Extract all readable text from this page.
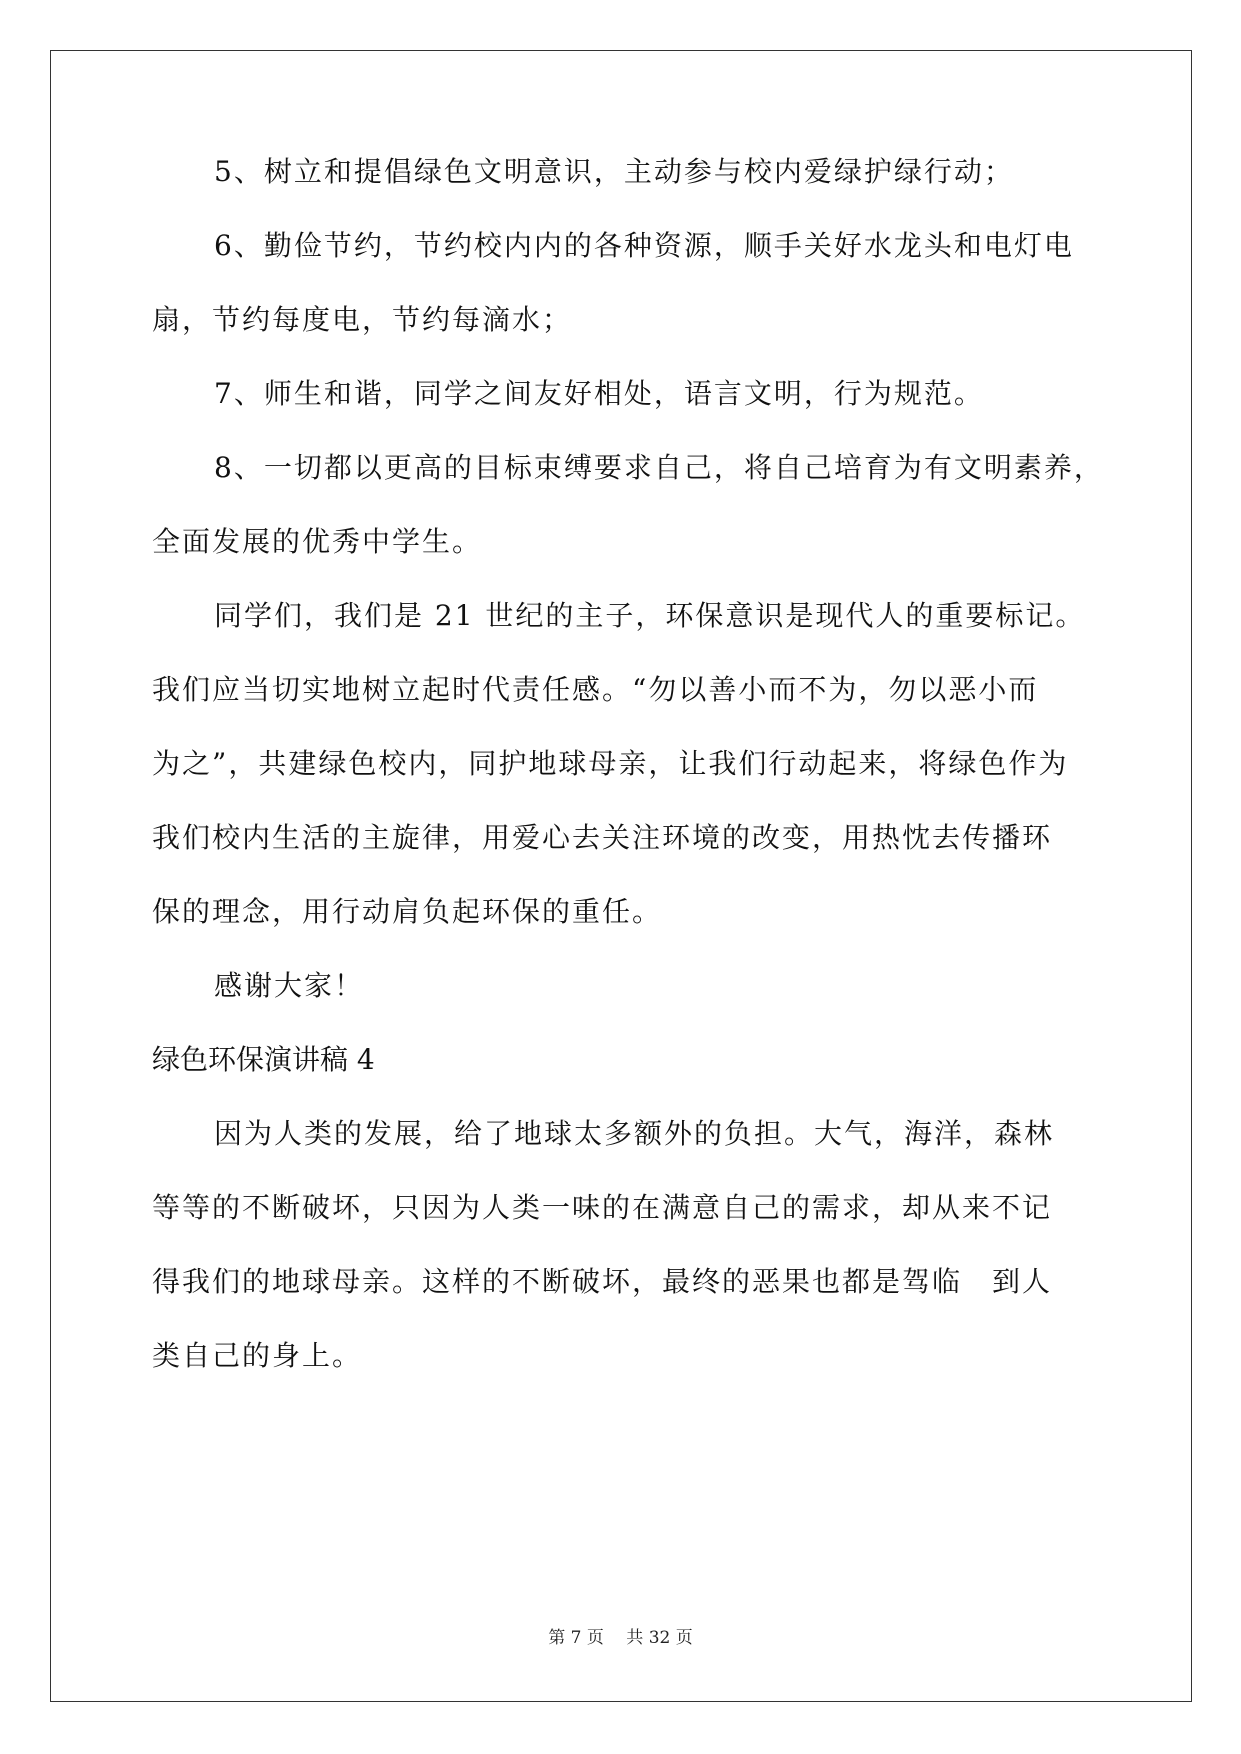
5、树立和提倡绿色文明意识，主动参与校内爱绿护绿行动；
6、勤俭节约，节约校内内的各种资源，顺手关好水龙头和电灯电
扇，节约每度电，节约每滴水；
7、师生和谐，同学之间友好相处，语言文明，行为规范。
8、一切都以更高的目标束缚要求自己，将自己培育为有文明素养，
全面发展的优秀中学生。
同学们，我们是 21 世纪的主子，环保意识是现代人的重要标记。
我们应当切实地树立起时代责任感。“勿以善小而不为，勿以恶小而
为之”，共建绿色校内，同护地球母亲，让我们行动起来，将绿色作为
我们校内生活的主旋律，用爱心去关注环境的改变，用热忱去传播环
保的理念，用行动肩负起环保的重任。
感谢大家！
绿色环保演讲稿 4
因为人类的发展，给了地球太多额外的负担。大气，海洋，森林
等等的不断破坏，只因为人类一味的在满意自己的需求，却从来不记
得我们的地球母亲。这样的不断破坏，最终的恶果也都是驾临　到人
类自己的身上。
第 7 页　 共 32 页
